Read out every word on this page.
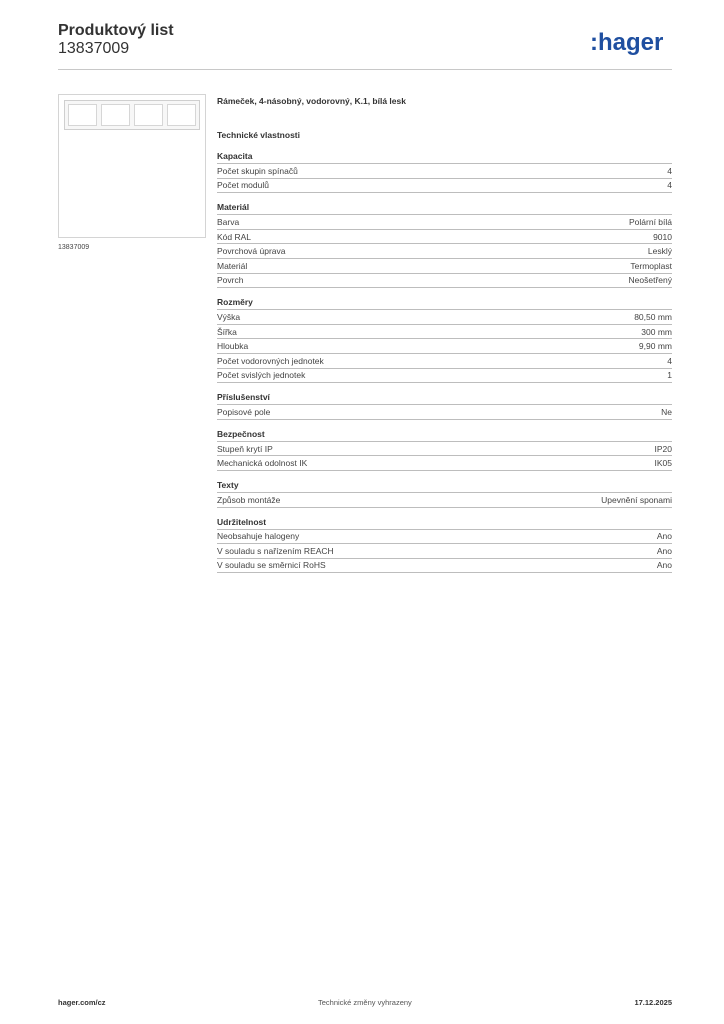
Produktový list
13837009	:hager
13837009
Rámeček, 4-násobný, vodorovný, K.1, bílá lesk
Technické vlastnosti
Kapacita
Počet skupin spínačů	4
Počet modulů	4
Materiál
Barva	Polární bílá
Kód RAL	9010
Povrchová úprava	Lesklý
Materiál	Termoplast
Povrch	Neošetřený
Rozměry
Výška	80,50 mm
Šířka	300 mm
Hloubka	9,90 mm
Počet vodorovných jednotek	4
Počet svislých jednotek	1
Příslušenství
Popisové pole	Ne
Bezpečnost
Stupeň krytí IP	IP20
Mechanická odolnost IK	IK05
Texty
Způsob montáže	Upevnění sponami
Udržitelnost
Neobsahuje halogeny	Ano
V souladu s nařízením REACH	Ano
V souladu se směrnicí RoHS	Ano
hager.com/cz	Technické změny vyhrazeny	17.12.2025
